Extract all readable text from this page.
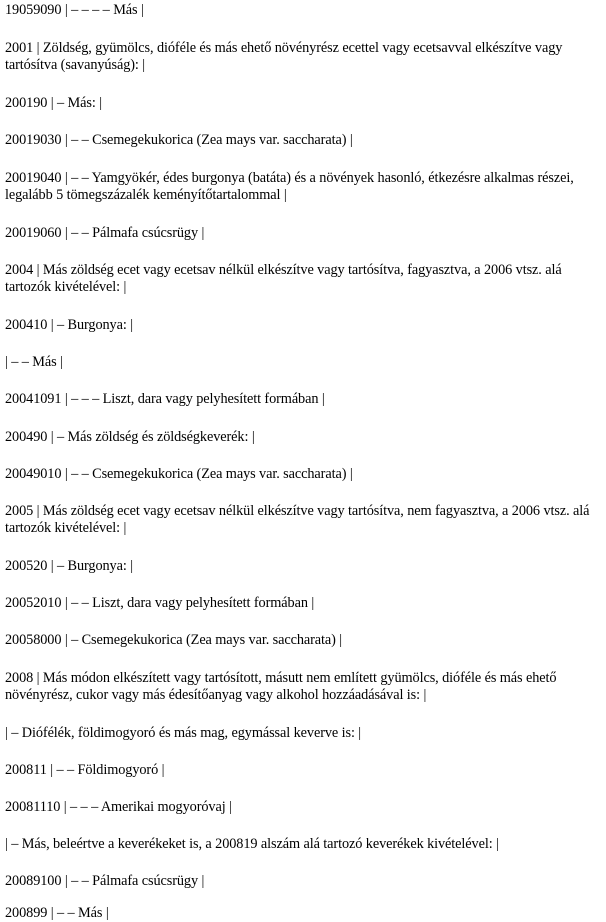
19059090 | – – – – Más |
2001 | Zöldség, gyümölcs, dióféle és más ehető növényrész ecettel vagy ecetsavval elkészítve vagy tartósítva (savanyúság): |
200190 | – Más: |
20019030 | – – Csemegekukorica (Zea mays var. saccharata) |
20019040 | – – Yamgyökér, édes burgonya (batáta) és a növények hasonló, étkezésre alkalmas részei, legalább 5 tömegszázalék keményítőtartalommal |
20019060 | – – Pálmafa csúcsrügy |
2004 | Más zöldség ecet vagy ecetsav nélkül elkészítve vagy tartósítva, fagyasztva, a 2006 vtsz. alá tartozók kivételével: |
200410 | – Burgonya: |
| – – Más |
20041091 | – – – Liszt, dara vagy pelyhesített formában |
200490 | – Más zöldség és zöldségkeverék: |
20049010 | – – Csemegekukorica (Zea mays var. saccharata) |
2005 | Más zöldség ecet vagy ecetsav nélkül elkészítve vagy tartósítva, nem fagyasztva, a 2006 vtsz. alá tartozók kivételével: |
200520 | – Burgonya: |
20052010 | – – Liszt, dara vagy pelyhesített formában |
20058000 | – Csemegekukorica (Zea mays var. saccharata) |
2008 | Más módon elkészített vagy tartósított, másutt nem említett gyümölcs, dióféle és más ehető növényrész, cukor vagy más édesítőanyag vagy alkohol hozzáadásával is: |
| – Diófélék, földimogyoró és más mag, egymással keverve is: |
200811 | – – Földimogyoró |
20081110 | – – – Amerikai mogyoróvaj |
| – Más, beleértve a keverékeket is, a 200819 alszám alá tartozó keverékek kivételével: |
20089100 | – – Pálmafa csúcsrügy |
200899 | – – Más |
